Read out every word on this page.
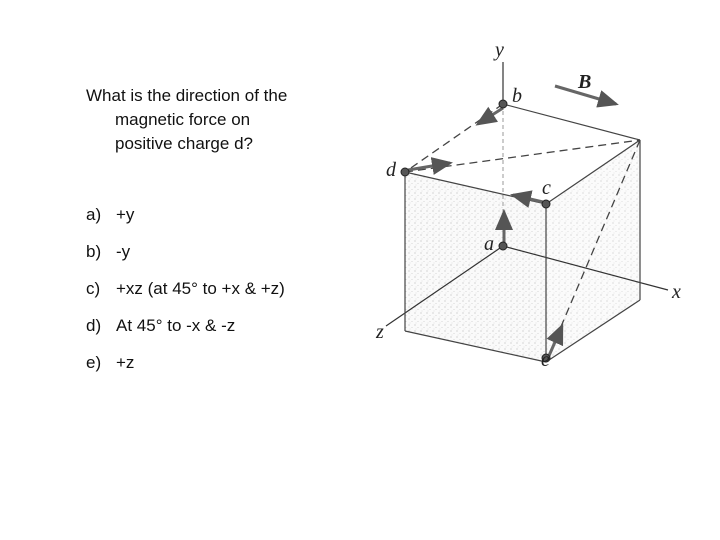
What is the direction of the
magnetic force on
positive charge d?
a) +y
b) -y
c) +xz (at 45° to +x & +z)
d) At 45° to -x & -z
e) +z
y
x
z
B
b
d
c
a
e
